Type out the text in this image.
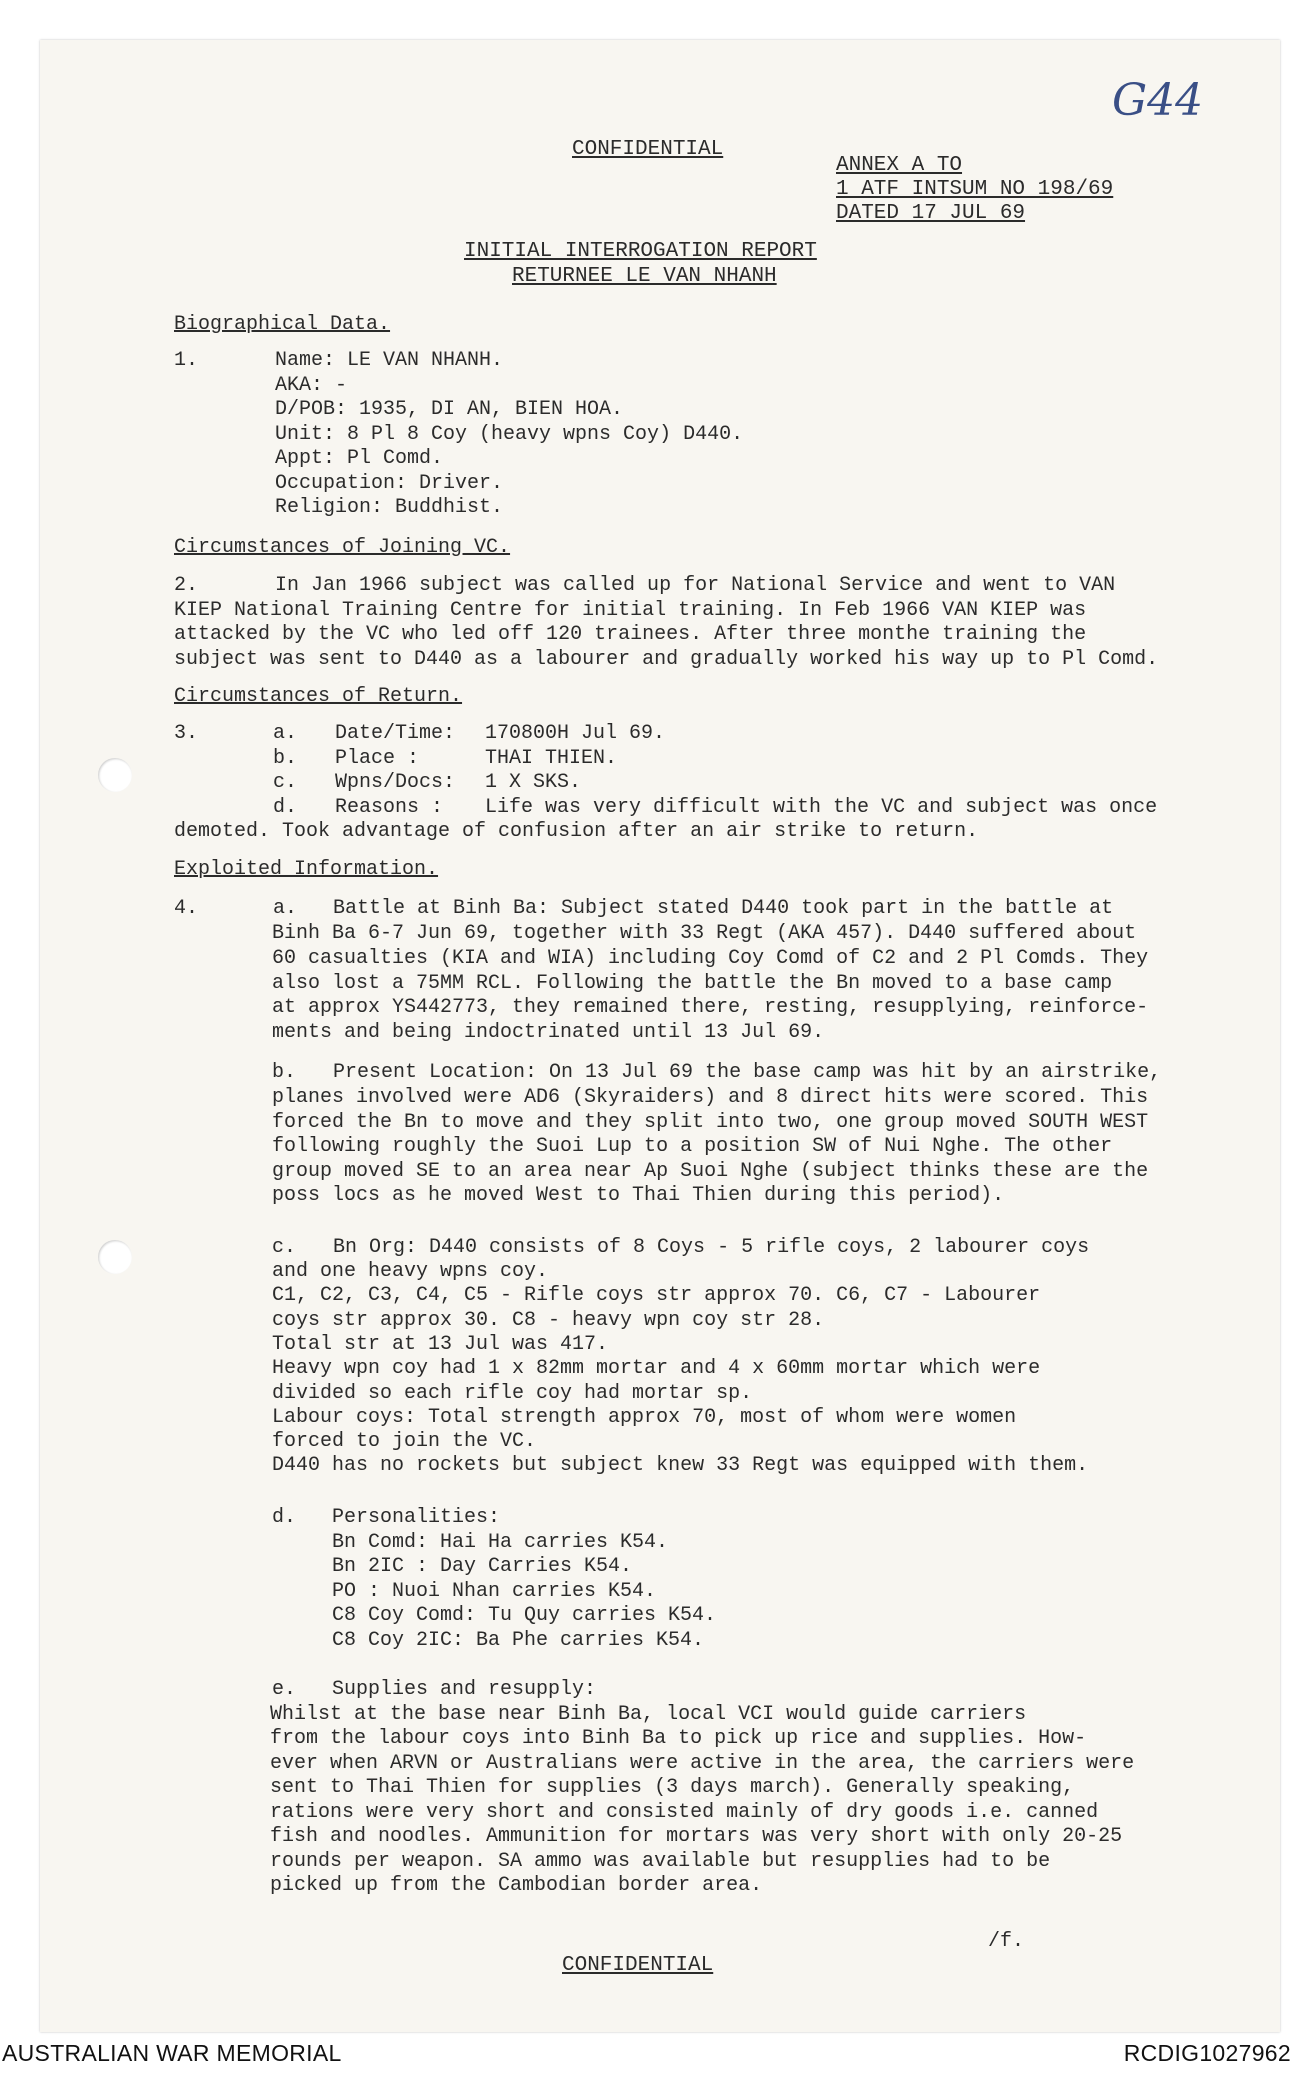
G44
CONFIDENTIAL
ANNEX A TO
1 ATF INTSUM NO 198/69
DATED 17 JUL 69
INITIAL INTERROGATION REPORT
RETURNEE LE VAN NHANH
Biographical Data.
1.	Name: LE VAN NHANH.
AKA: -
D/POB: 1935, DI AN, BIEN HOA.
Unit: 8 Pl 8 Coy (heavy wpns Coy) D440.
Appt: Pl Comd.
Occupation: Driver.
Religion: Buddhist.
Circumstances of Joining VC.
2.	In Jan 1966 subject was called up for National Service and went to VAN
KIEP National Training Centre for initial training. In Feb 1966 VAN KIEP was
attacked by the VC who led off 120 trainees. After three monthe training the
subject was sent to D440 as a labourer and gradually worked his way up to Pl Comd.
Circumstances of Return.
3.	a. Date/Time: 170800H Jul 69.
b. Place :	THAI THIEN.
c. Wpns/Docs: 1 X SKS.
d. Reasons : Life was very difficult with the VC and subject was once
demoted. Took advantage of confusion after an air strike to return.
Exploited Information.
4.	a. Battle at Binh Ba: Subject stated D440 took part in the battle at
Binh Ba 6-7 Jun 69, together with 33 Regt (AKA 457). D440 suffered about
60 casualties (KIA and WIA) including Coy Comd of C2 and 2 Pl Comds. They
also lost a 75MM RCL. Following the battle the Bn moved to a base camp
at approx YS442773, they remained there, resting, resupplying, reinforce-
ments and being indoctrinated until 13 Jul 69.
b. Present Location: On 13 Jul 69 the base camp was hit by an airstrike,
planes involved were AD6 (Skyraiders) and 8 direct hits were scored. This
forced the Bn to move and they split into two, one group moved SOUTH WEST
following roughly the Suoi Lup to a position SW of Nui Nghe. The other
group moved SE to an area near Ap Suoi Nghe (subject thinks these are the
poss locs as he moved West to Thai Thien during this period).
c. Bn Org: D440 consists of 8 Coys - 5 rifle coys, 2 labourer coys
and one heavy wpns coy.
C1, C2, C3, C4, C5 - Rifle coys str approx 70. C6, C7 - Labourer
coys str approx 30. C8 - heavy wpn coy str 28.
Total str at 13 Jul was 417.
Heavy wpn coy had 1 x 82mm mortar and 4 x 60mm mortar which were
divided so each rifle coy had mortar sp.
Labour coys: Total strength approx 70, most of whom were women
forced to join the VC.
D440 has no rockets but subject knew 33 Regt was equipped with them.
d. Personalities:
Bn Comd: Hai Ha carries K54.
Bn 2IC : Day Carries K54.
PO : Nuoi Nhan carries K54.
C8 Coy Comd: Tu Quy carries K54.
C8 Coy 2IC: Ba Phe carries K54.
e. Supplies and resupply:
Whilst at the base near Binh Ba, local VCI would guide carriers
from the labour coys into Binh Ba to pick up rice and supplies. How-
ever when ARVN or Australians were active in the area, the carriers were
sent to Thai Thien for supplies (3 days march). Generally speaking,
rations were very short and consisted mainly of dry goods i.e. canned
fish and noodles. Ammunition for mortars was very short with only 20-25
rounds per weapon. SA ammo was available but resupplies had to be
picked up from the Cambodian border area.
/f.
CONFIDENTIAL
AUSTRALIAN WAR MEMORIAL	RCDIG1027962
